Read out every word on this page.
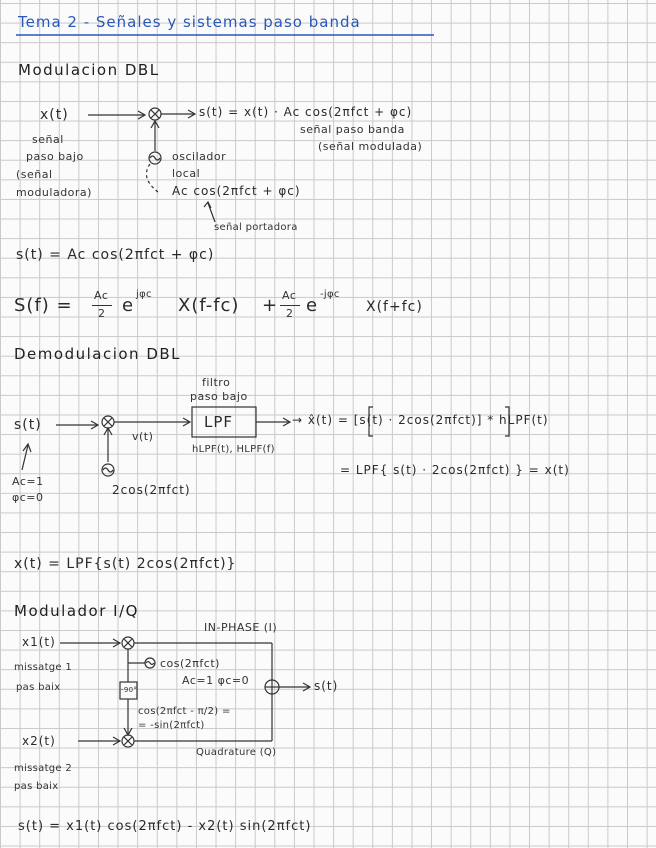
Tema 2 - Señales y sistemas paso banda
Modulacion DBL
x(t)
señal
paso bajo
(señal
moduladora)
s(t) = x(t) · Ac cos(2πfct + φc)
señal paso banda
(señal modulada)
oscilador
local
Ac cos(2πfct + φc)
señal portadora
s(t) = Ac cos(2πfct + φc)
S(f) = Ac
2 e
jφc
X(f-fc) + Ac
2 e
-jφc
X(f+fc)
Demodulacion DBL
filtro
paso bajo
s(t)	LPF	→ x̂(t) = [s(t) · 2cos(2πfct)] * hLPF(t)
v(t)
hLPF(t), HLPF(f)
= LPF{ s(t) · 2cos(2πfct) } = x(t)
Ac=1
φc=0
2cos(2πfct)
x(t) = LPF{s(t) 2cos(2πfct)}
Modulador I/Q
IN-PHASE (I)
x1(t)
cos(2πfct)
missatge 1
Ac=1 φc=0
pas baix	-90°
cos(2πfct - π/2) =
= -sin(2πfct)
s(t)
x2(t)
Quadrature (Q)
missatge 2
pas baix
s(t) = x1(t) cos(2πfct) - x2(t) sin(2πfct)
